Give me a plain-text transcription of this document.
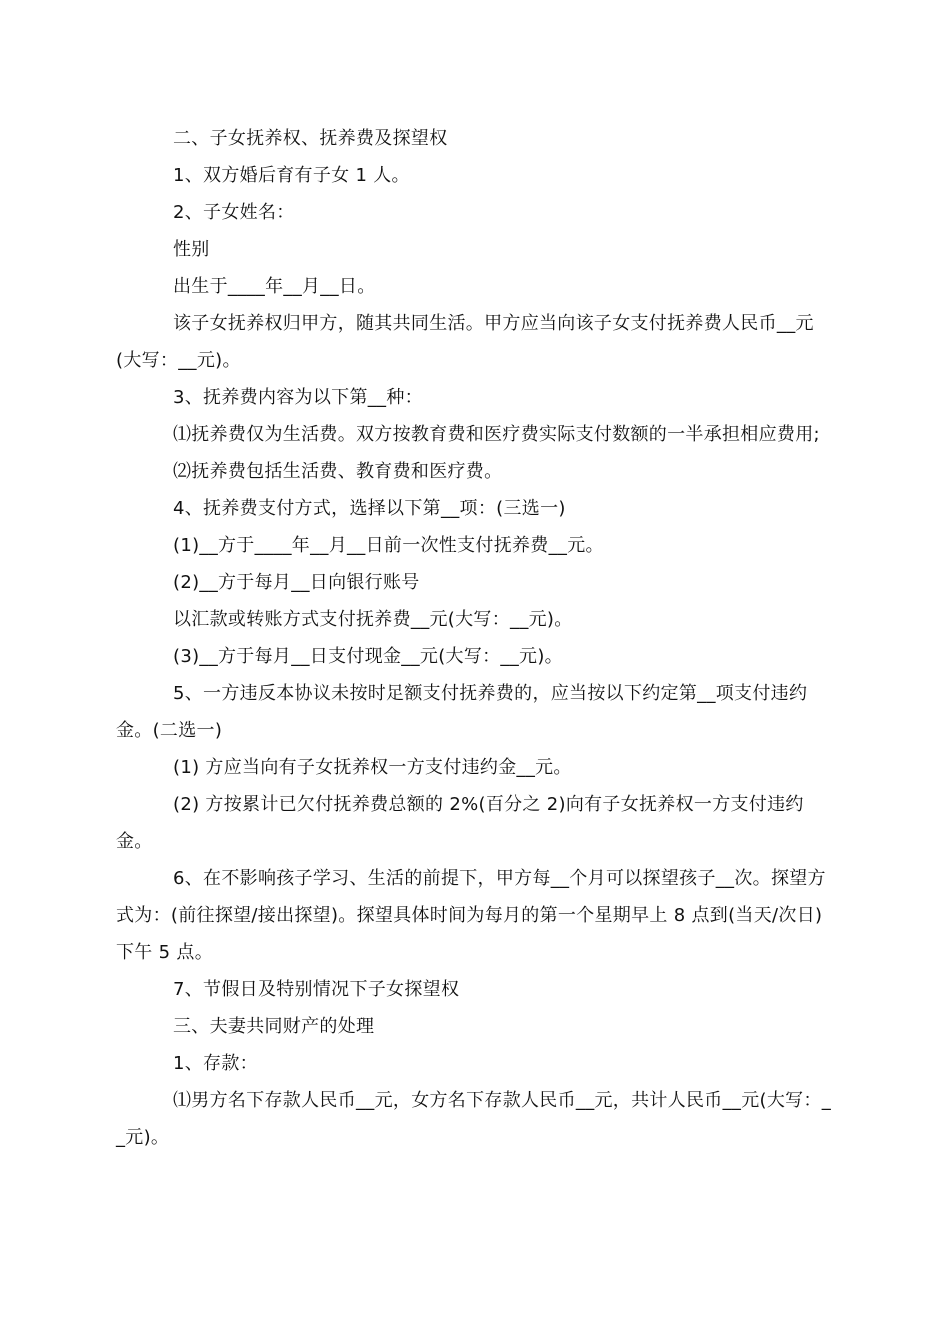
二、子女抚养权、抚养费及探望权

1、双方婚后育有子女 1 人。

2、子女姓名：

性别

出生于____年__月__日。

该子女抚养权归甲方，随其共同生活。甲方应当向该子女支付抚养费人民币__元(大写：__元)。

3、抚养费内容为以下第__种：

⑴抚养费仅为生活费。双方按教育费和医疗费实际支付数额的一半承担相应费用;

⑵抚养费包括生活费、教育费和医疗费。

4、抚养费支付方式，选择以下第__项：(三选一)

(1)__方于____年__月__日前一次性支付抚养费__元。

(2)__方于每月__日向银行账号

以汇款或转账方式支付抚养费__元(大写：__元)。

(3)__方于每月__日支付现金__元(大写：__元)。

5、一方违反本协议未按时足额支付抚养费的，应当按以下约定第__项支付违约金。(二选一)

(1) 方应当向有子女抚养权一方支付违约金__元。

(2) 方按累计已欠付抚养费总额的 2%(百分之 2)向有子女抚养权一方支付违约金。

6、在不影响孩子学习、生活的前提下，甲方每__个月可以探望孩子__次。探望方式为：(前往探望/接出探望)。探望具体时间为每月的第一个星期早上 8 点到(当天/次日)下午 5 点。

7、节假日及特别情况下子女探望权

三、夫妻共同财产的处理

1、存款：

⑴男方名下存款人民币__元，女方名下存款人民币__元，共计人民币__元(大写：__元)。
